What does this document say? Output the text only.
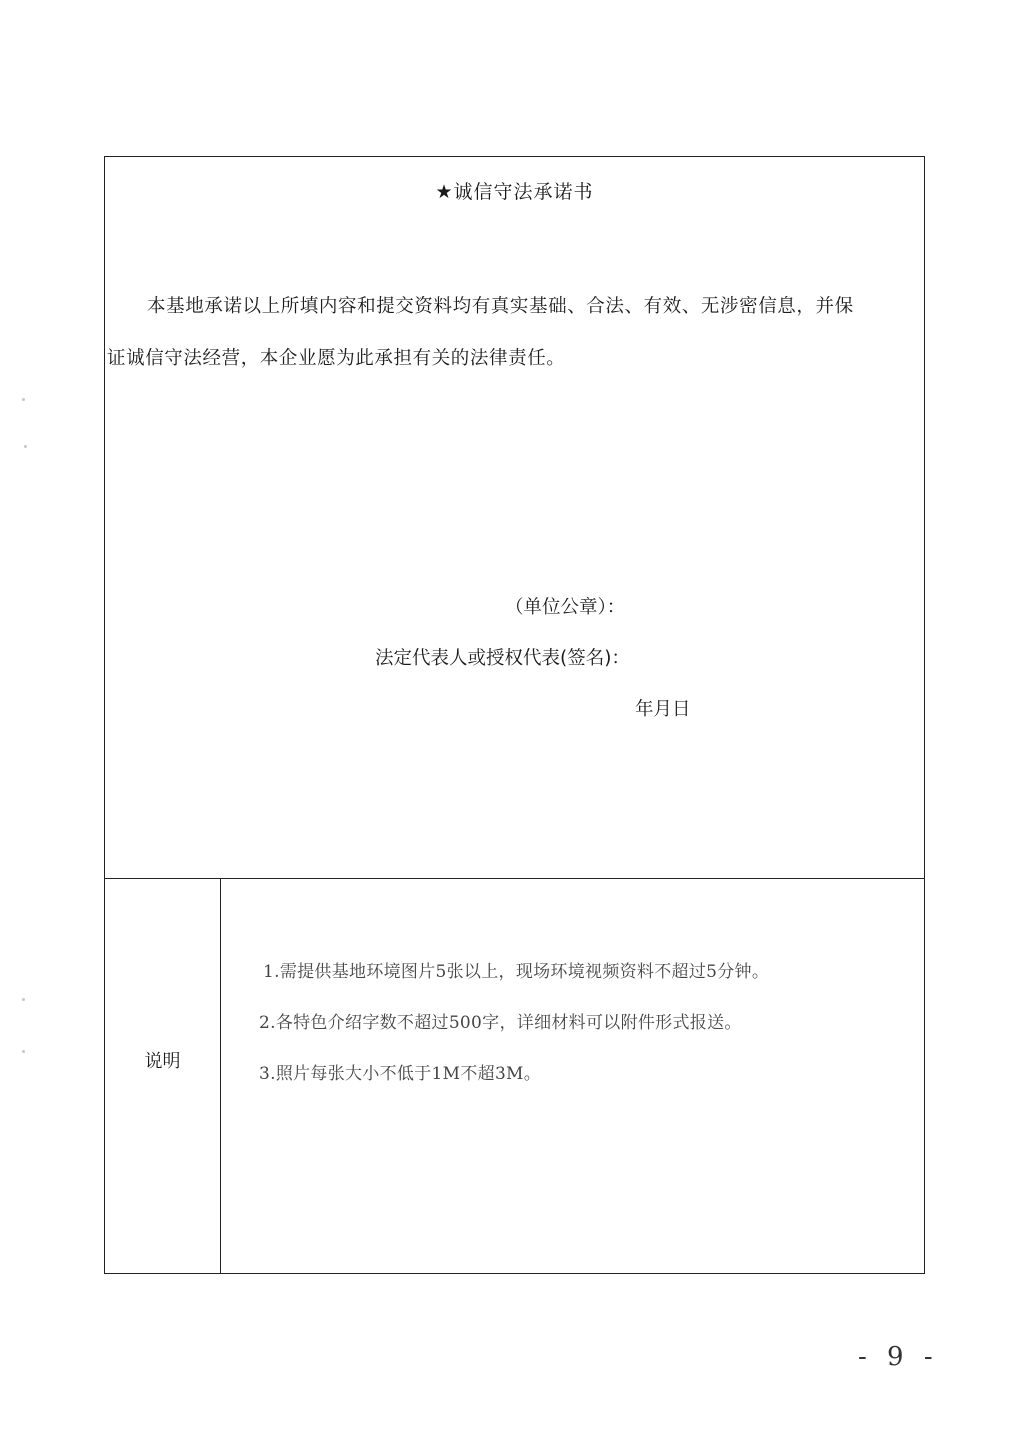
★诚信守法承诺书
本基地承诺以上所填内容和提交资料均有真实基础、合法、有效、无涉密信息，并保
证诚信守法经营，本企业愿为此承担有关的法律责任。
（单位公章）：
法定代表人或授权代表(签名)：
年月日
说明
1.需提供基地环境图片5张以上，现场环境视频资料不超过5分钟。
2.各特色介绍字数不超过500字，详细材料可以附件形式报送。
3.照片每张大小不低于1M不超3M。
- 9 -
